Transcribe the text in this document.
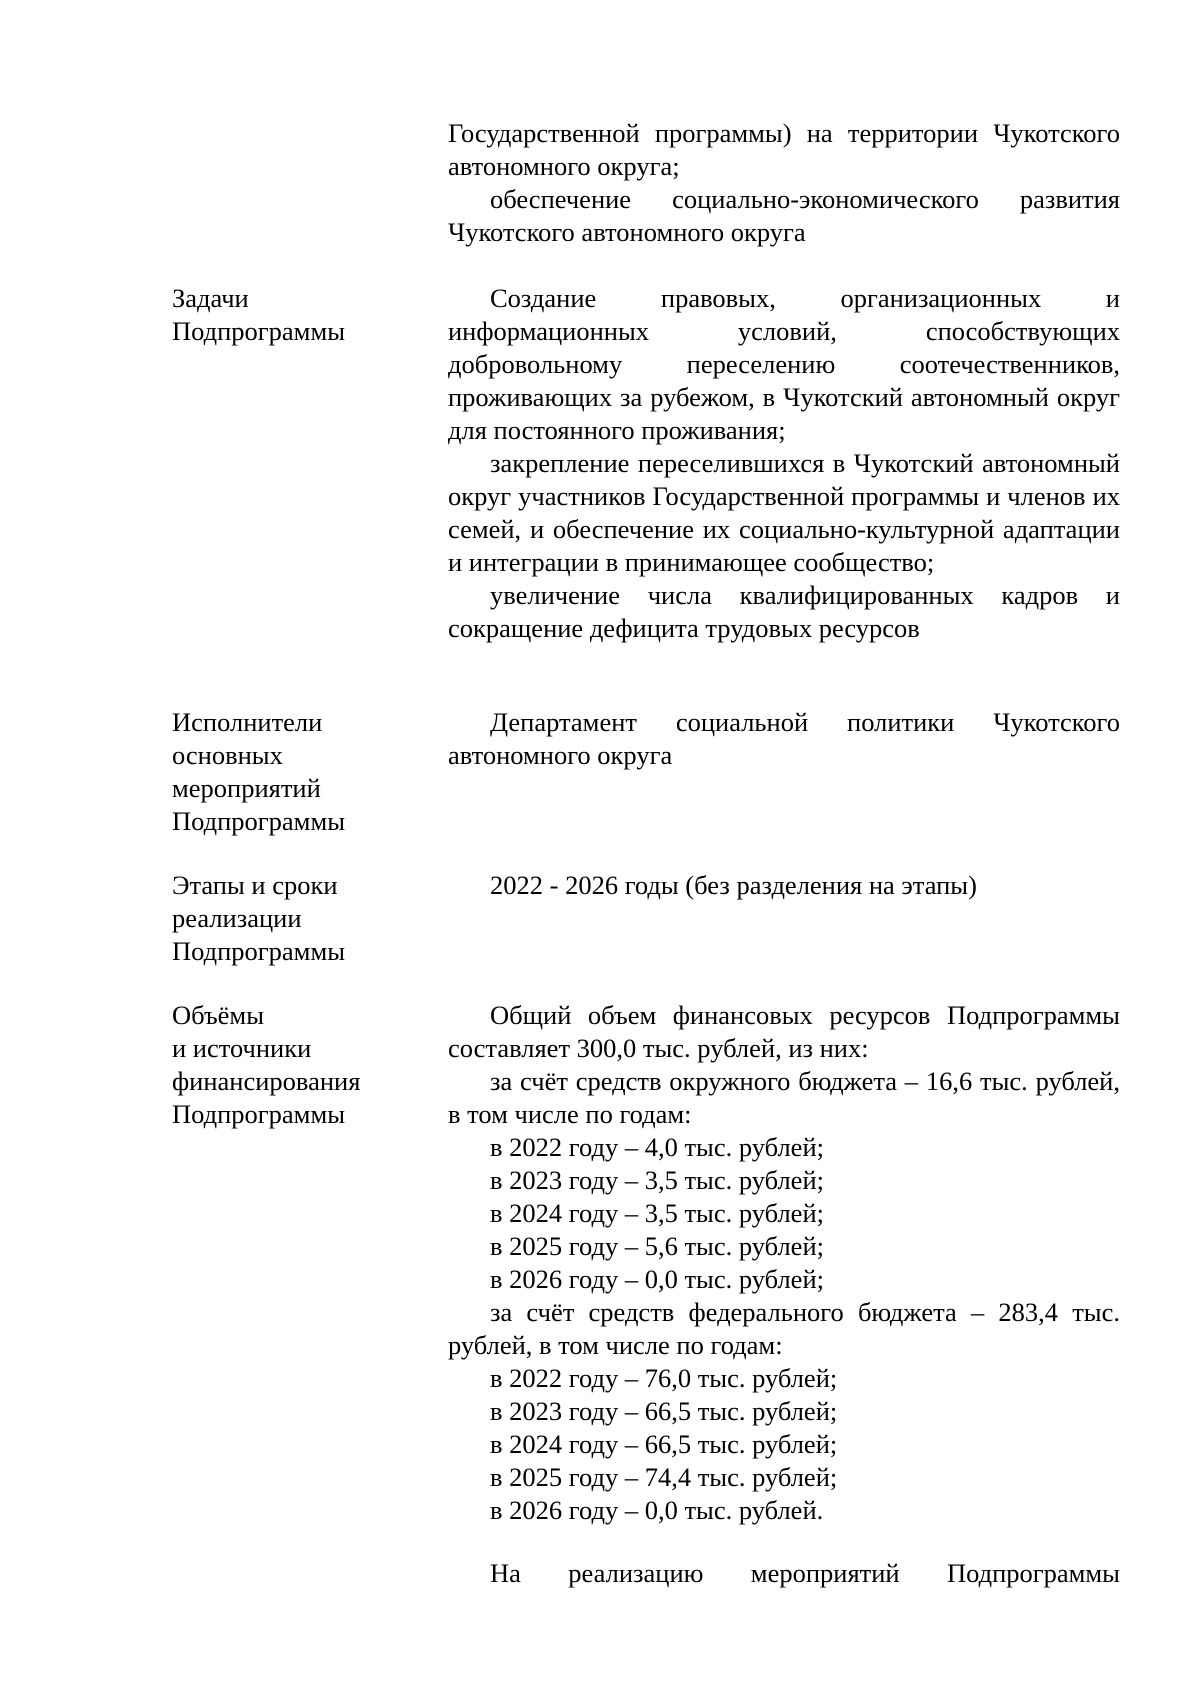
Государственной программы) на территории Чукотского автономного округа;

обеспечение социально-экономического развития Чукотского автономного округа

Задачи
Подпрограммы

Создание правовых, организационных и информационных условий, способствующих добровольному переселению соотечественников, проживающих за рубежом, в Чукотский автономный округ для постоянного проживания;

закрепление переселившихся в Чукотский автономный округ участников Государственной программы и членов их семей, и обеспечение их социально-культурной адаптации и интеграции в принимающее сообщество;

увеличение числа квалифицированных кадров и сокращение дефицита трудовых ресурсов

Исполнители
основных
мероприятий
Подпрограммы

Департамент социальной политики Чукотского автономного округа

Этапы и сроки
реализации
Подпрограммы

2022 - 2026 годы (без разделения на этапы)

Объёмы
и источники
финансирования
Подпрограммы

Общий объем финансовых ресурсов Подпрограммы составляет 300,0 тыс. рублей, из них:

за счёт средств окружного бюджета – 16,6 тыс. рублей, в том числе по годам:

в 2022 году – 4,0 тыс. рублей;

в 2023 году – 3,5 тыс. рублей;

в 2024 году – 3,5 тыс. рублей;

в 2025 году – 5,6 тыс. рублей;

в 2026 году – 0,0 тыс. рублей;

за счёт средств федерального бюджета – 283,4 тыс. рублей, в том числе по годам:

в 2022 году – 76,0 тыс. рублей;

в 2023 году – 66,5 тыс. рублей;

в 2024 году – 66,5 тыс. рублей;

в 2025 году – 74,4 тыс. рублей;

в 2026 году – 0,0 тыс. рублей.

На реализацию мероприятий Подпрограммы
